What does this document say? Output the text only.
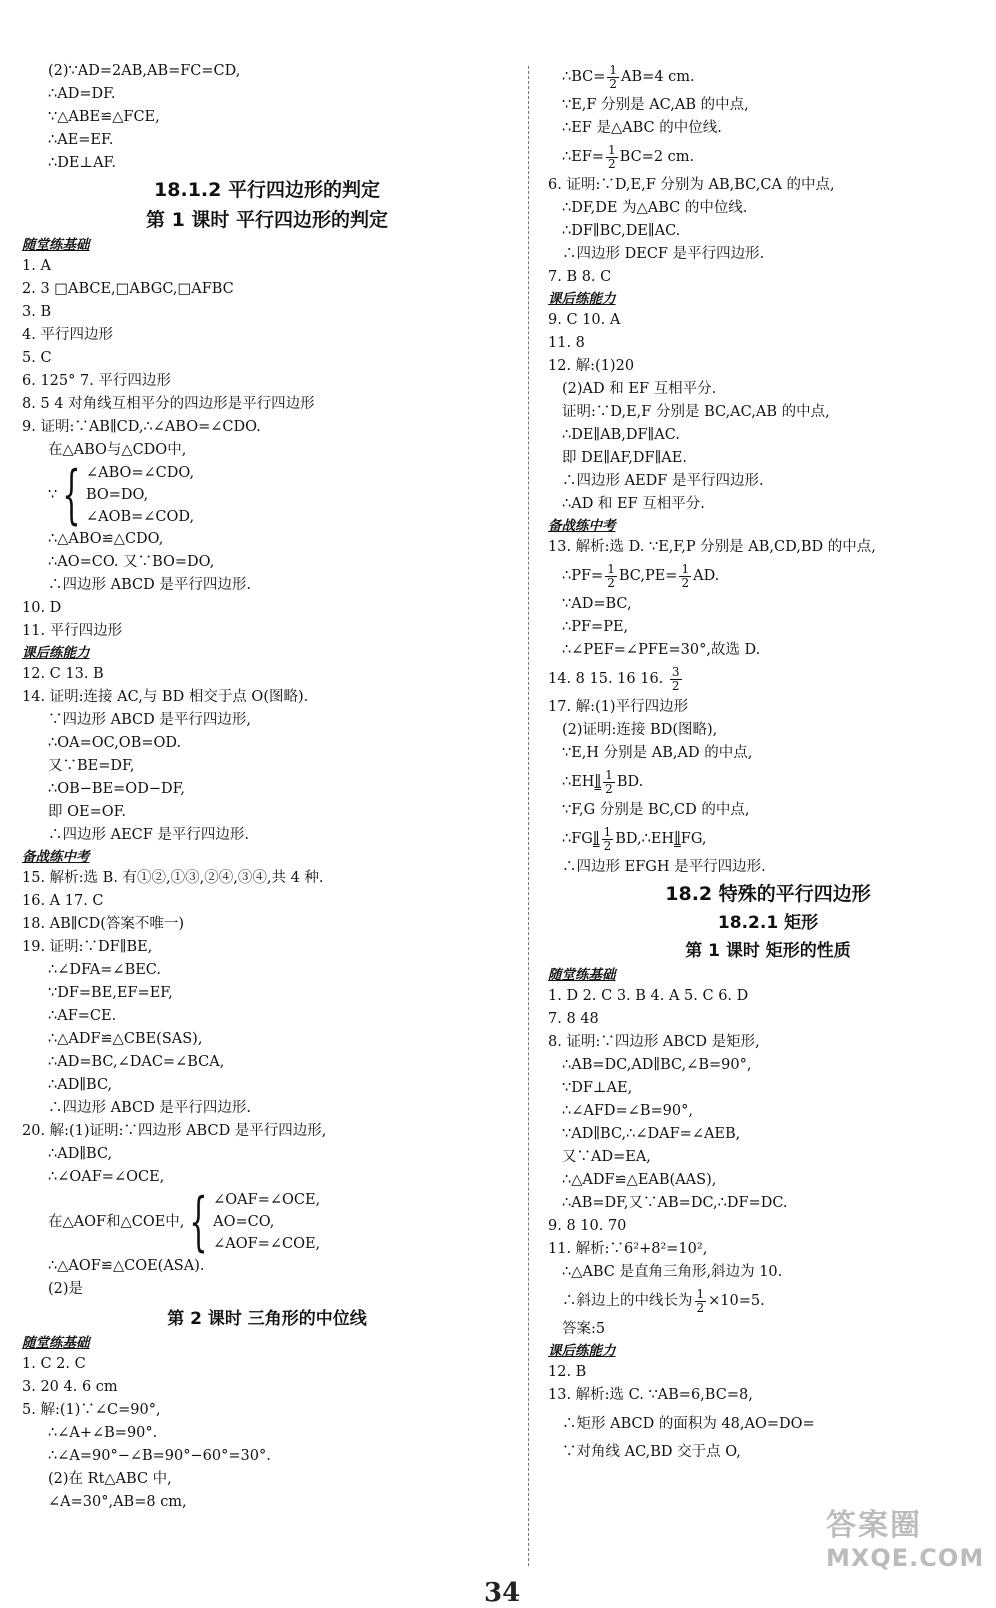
(2)∵AD=2AB,AB=FC=CD,
∴AD=DF.
∵△ABE≌△FCE,
∴AE=EF.
∴DE⊥AF.
18.1.2 平行四边形的判定
第 1 课时 平行四边形的判定
随堂练基础
1. A
2. 3 □ABCE,□ABGC,□AFBC
3. B
4. 平行四边形
5. C
6. 125° 7. 平行四边形
8. 5 4 对角线互相平分的四边形是平行四边形
9. 证明:∵AB∥CD,∴∠ABO=∠CDO.
在△ABO与△CDO中,
∵ { ∠ABO=∠CDO,
BO=DO,
∠AOB=∠COD,
∴△ABO≌△CDO,
∴AO=CO. 又∵BO=DO,
∴四边形 ABCD 是平行四边形.
10. D
11. 平行四边形
课后练能力
12. C 13. B
14. 证明:连接 AC,与 BD 相交于点 O(图略).
∵四边形 ABCD 是平行四边形,
∴OA=OC,OB=OD.
又∵BE=DF,
∴OB−BE=OD−DF,
即 OE=OF.
∴四边形 AECF 是平行四边形.
备战练中考
15. 解析:选 B. 有①②,①③,②④,③④,共 4 种.
16. A 17. C
18. AB∥CD(答案不唯一)
19. 证明:∵DF∥BE,
∴∠DFA=∠BEC.
∵DF=BE,EF=EF,
∴AF=CE.
∴△ADF≌△CBE(SAS),
∴AD=BC,∠DAC=∠BCA,
∴AD∥BC,
∴四边形 ABCD 是平行四边形.
20. 解:(1)证明:∵四边形 ABCD 是平行四边形,
∴AD∥BC,
∴∠OAF=∠OCE,
在△AOF和△COE中, { ∠OAF=∠OCE,
AO=CO,
∠AOF=∠COE,
∴△AOF≌△COE(ASA).
(2)是
第 2 课时 三角形的中位线
随堂练基础
1. C 2. C
3. 20 4. 6 cm
5. 解:(1)∵∠C=90°,
∴∠A+∠B=90°.
∴∠A=90°−∠B=90°−60°=30°.
(2)在 Rt△ABC 中,
∠A=30°,AB=8 cm,
∴BC= $\frac{1}{2} AB=4$ cm.
∵E,F 分别是 AC,AB 的中点,
∴EF 是△ABC 的中位线.
∴EF= $\frac{1}{2} BC=2$ cm.
6. 证明:∵D,E,F 分别为 AB,BC,CA 的中点,
∴DF,DE 为△ABC 的中位线.
∴DF∥BC,DE∥AC.
∴四边形 DECF 是平行四边形.
7. B 8. C
课后练能力
9. C 10. A
11. 8
12. 解:(1)20
(2)AD 和 EF 互相平分.
证明:∵D,E,F 分别是 BC,AC,AB 的中点,
∴DE∥AB,DF∥AC.
即 DE∥AF,DF∥AE.
∴四边形 AEDF 是平行四边形.
∴AD 和 EF 互相平分.
备战练中考
13. 解析:选 D. ∵E,F,P 分别是 AB,CD,BD 的中点,
∴PF= $\frac{1}{2} BC,PE= \frac{1}{2}$ AD.
∵AD=BC,
∴PF=PE,
∴∠PEF=∠PFE=30°,故选 D.
14. 8 15. 16 16. $\frac{3}{2}$
17. 解:(1)平行四边形
(2)证明:连接 BD(图略),
∵E,H 分别是 AB,AD 的中点,
∴EH∥ $\frac{1}{2}$ BD.
∵F,G 分别是 BC,CD 的中点,
∴FG∥ $\frac{1}{2}$ BD,∴EH∥FG,
∴四边形 EFGH 是平行四边形.
18.2 特殊的平行四边形
18.2.1 矩形
第 1 课时 矩形的性质
随堂练基础
1. D 2. C 3. B 4. A 5. C 6. D
7. 8 48
8. 证明:∵四边形 ABCD 是矩形,
∴AB=DC,AD∥BC,∠B=90°,
∵DF⊥AE,
∴∠AFD=∠B=90°,
∵AD∥BC,∴∠DAF=∠AEB,
又∵AD=EA,
∴△ADF≌△EAB(AAS),
∴AB=DF,又∵AB=DC,∴DF=DC.
9. 8 10. 70
11. 解析:∵6²+8²=10²,
∴△ABC 是直角三角形,斜边为 10.
∴斜边上的中线长为 $\frac{1}{2} \times 10=5$.
答案:5
课后练能力
12. B
13. 解析:选 C. ∵AB=6,BC=8,
∴矩形 ABCD 的面积为 48,AO=DO=
∵对角线 AC,BD 交于点 O,
34
答案圈
MXQE.COM
